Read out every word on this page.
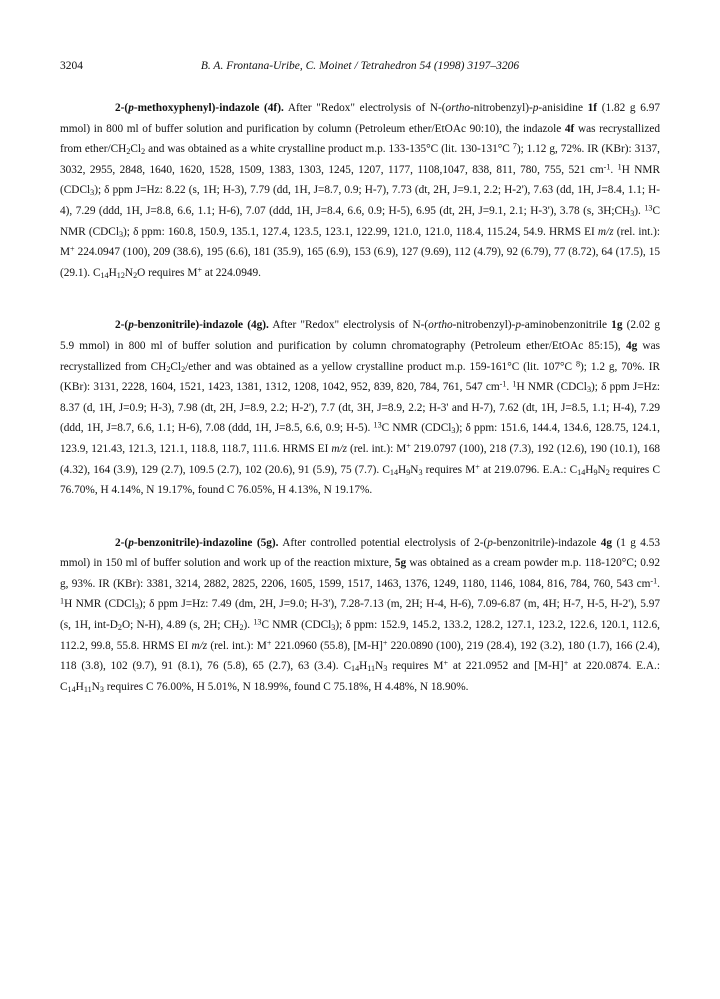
3204	B. A. Frontana-Uribe, C. Moinet / Tetrahedron 54 (1998) 3197–3206

2-(p-methoxyphenyl)-indazole (4f). After "Redox" electrolysis of N-(ortho-nitrobenzyl)-p-anisidine 1f (1.82 g 6.97 mmol) in 800 ml of buffer solution and purification by column (Petroleum ether/EtOAc 90:10), the indazole 4f was recrystallized from ether/$CH_2Cl_2$ and was obtained as a white crystalline product m.p. 133-135°C (lit. 130-131°C $^7$); 1.12 g, 72%. IR (KBr): 3137, 3032, 2955, 2848, 1640, 1620, 1528, 1509, 1383, 1303, 1245, 1207, 1177, 1108,1047, 838, 811, 780, 755, 521 $cm^{-1}$. $^1$H NMR (CDCl$_3$); δ ppm J=Hz: 8.22 (s, 1H; H-3), 7.79 (dd, 1H, J=8.7, 0.9; H-7), 7.73 (dt, 2H, J=9.1, 2.2; H-2'), 7.63 (dd, 1H, J=8.4, 1.1; H-4), 7.29 (ddd, 1H, J=8.8, 6.6, 1.1; H-6), 7.07 (ddd, 1H, J=8.4, 6.6, 0.9; H-5), 6.95 (dt, 2H, J=9.1, 2.1; H-3'), 3.78 (s, $3H;CH_3$). $^{13}$C NMR (CDCl$_3$); δ ppm: 160.8, 150.9, 135.1, 127.4, 123.5, 123.1, 122.99, 121.0, 121.0, 118.4, 115.24, 54.9. HRMS EI m/z (rel. int.): M+ 224.0947 (100), 209 (38.6), 195 (6.6), 181 (35.9), 165 (6.9), 153 (6.9), 127 (9.69), 112 (4.79), 92 (6.79), 77 (8.72), 64 (17.5), 15 (29.1). $C_{14}H_{12}N_2O$ requires M+ at 224.0949.

2-(p-benzonitrile)-indazole (4g). After "Redox" electrolysis of N-(ortho-nitrobenzyl)-p-aminobenzonitrile 1g (2.02 g 5.9 mmol) in 800 ml of buffer solution and purification by column chromatography (Petroleum ether/EtOAc 85:15), 4g was recrystallized from $CH_2Cl_2$/ether and was obtained as a yellow crystalline product m.p. 159-161°C (lit. 107°C $^8$); 1.2 g, 70%. IR (KBr): 3131, 2228, 1604, 1521, 1423, 1381, 1312, 1208, 1042, 952, 839, 820, 784, 761, 547 $cm^{-1}$. $^1$H NMR (CDCl$_3$); δ ppm J=Hz: 8.37 (d, 1H, J=0.9; H-3), 7.98 (dt, 2H, J=8.9, 2.2; H-2'), 7.7 (dt, 3H, J=8.9, 2.2; H-3' and H-7), 7.62 (dt, 1H, J=8.5, 1.1; H-4), 7.29 (ddd, 1H, J=8.7, 6.6, 1.1; H-6), 7.08 (ddd, 1H, J=8.5, 6.6, 0.9; H-5). $^{13}$C NMR (CDCl$_3$); δ ppm: 151.6, 144.4, 134.6, 128.75, 124.1, 123.9, 121.43, 121.3, 121.1, 118.8, 118.7, 111.6. HRMS EI m/z (rel. int.): M+ 219.0797 (100), 218 (7.3), 192 (12.6), 190 (10.1), 168 (4.32), 164 (3.9), 129 (2.7), 109.5 (2.7), 102 (20.6), 91 (5.9), 75 (7.7). $C_{14}H_9N_3$ requires M+ at 219.0796. E.A.: $C_{14}H_9N_2$ requires C 76.70%, H 4.14%, N 19.17%, found C 76.05%, H 4.13%, N 19.17%.

2-(p-benzonitrile)-indazoline (5g). After controlled potential electrolysis of 2-(p-benzonitrile)-indazole 4g (1 g 4.53 mmol) in 150 ml of buffer solution and work up of the reaction mixture, 5g was obtained as a cream powder m.p. 118-120°C; 0.92 g, 93%. IR (KBr): 3381, 3214, 2882, 2825, 2206, 1605, 1599, 1517, 1463, 1376, 1249, 1180, 1146, 1084, 816, 784, 760, 543 $cm^{-1}$. $^1$H NMR (CDCl$_3$); δ ppm J=Hz: 7.49 (dm, 2H, J=9.0; H-3'), 7.28-7.13 (m, 2H; H-4, H-6), 7.09-6.87 (m, 4H; H-7, H-5, H-2'), 5.97 (s, 1H, int-$D_2O$; N-H), 4.89 (s, 2H; $CH_2$). $^{13}$C NMR (CDCl$_3$); δ ppm: 152.9, 145.2, 133.2, 128.2, 127.1, 123.2, 122.6, 120.1, 112.6, 112.2, 99.8, 55.8. HRMS EI m/z (rel. int.): M+ 221.0960 (55.8), [M-H]+ 220.0890 (100), 219 (28.4), 192 (3.2), 180 (1.7), 166 (2.4), 118 (3.8), 102 (9.7), 91 (8.1), 76 (5.8), 65 (2.7), 63 (3.4). $C_{14}H_{11}N_3$ requires M+ at 221.0952 and [M-H]+ at 220.0874. E.A.: $C_{14}H_{11}N_3$ requires C 76.00%, H 5.01%, N 18.99%, found C 75.18%, H 4.48%, N 18.90%.
